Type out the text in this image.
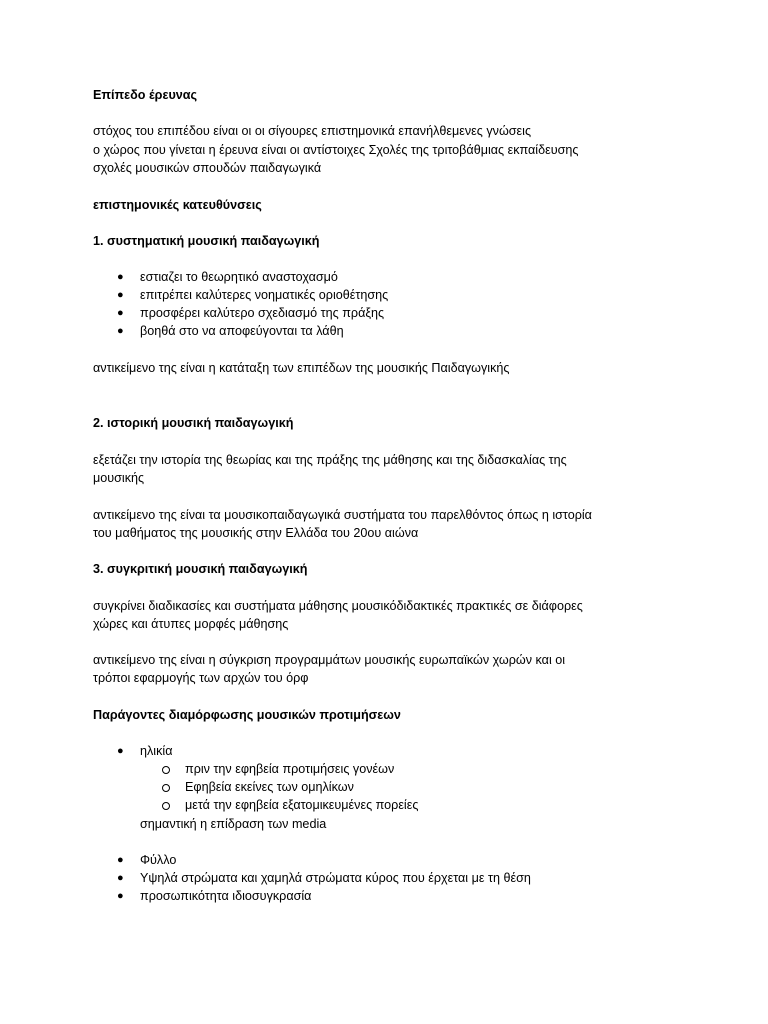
Επίπεδο έρευνας
στόχος του επιπέδου είναι οι οι σίγουρες επιστημονικά επανήλθεμενες γνώσεις
ο χώρος που γίνεται η έρευνα είναι οι αντίστοιχες Σχολές της τριτοβάθμιας εκπαίδευσης
σχολές μουσικών σπουδών παιδαγωγικά
επιστημονικές κατευθύνσεις
1. συστηματική μουσική παιδαγωγική
● εστιαζει το θεωρητικό αναστοχασμό
● επιτρέπει καλύτερες νοηματικές οριοθέτησης
● προσφέρει καλύτερο σχεδιασμό της πράξης
● βοηθά στο να αποφεύγονται τα λάθη
αντικείμενο της είναι η κατάταξη των επιπέδων της μουσικής Παιδαγωγικής
2. ιστορική μουσική παιδαγωγική
εξετάζει την ιστορία της θεωρίας και της πράξης της μάθησης και της διδασκαλίας της
μουσικής
αντικείμενο της είναι τα μουσικοπαιδαγωγικά συστήματα του παρελθόντος όπως η ιστορία
του μαθήματος της μουσικής στην Ελλάδα του 20ου αιώνα
3. συγκριτική μουσική παιδαγωγική
συγκρίνει διαδικασίες και συστήματα μάθησης μουσικόδιδακτικές πρακτικές σε διάφορες
χώρες και άτυπες μορφές μάθησης
αντικείμενο της είναι η σύγκριση προγραμμάτων μουσικής ευρωπαϊκών χωρών και οι
τρόποι εφαρμογής των αρχών του όρφ
Παράγοντες διαμόρφωσης μουσικών προτιμήσεων
● ηλικία
πριν την εφηβεία προτιμήσεις γονέων
Εφηβεία εκείνες των ομηλίκων
μετά την εφηβεία εξατομικευμένες πορείες
σημαντική η επίδραση των media
● Φύλλο
● Υψηλά στρώματα και χαμηλά στρώματα κύρος που έρχεται με τη θέση
● προσωπικότητα ιδιοσυγκρασία
